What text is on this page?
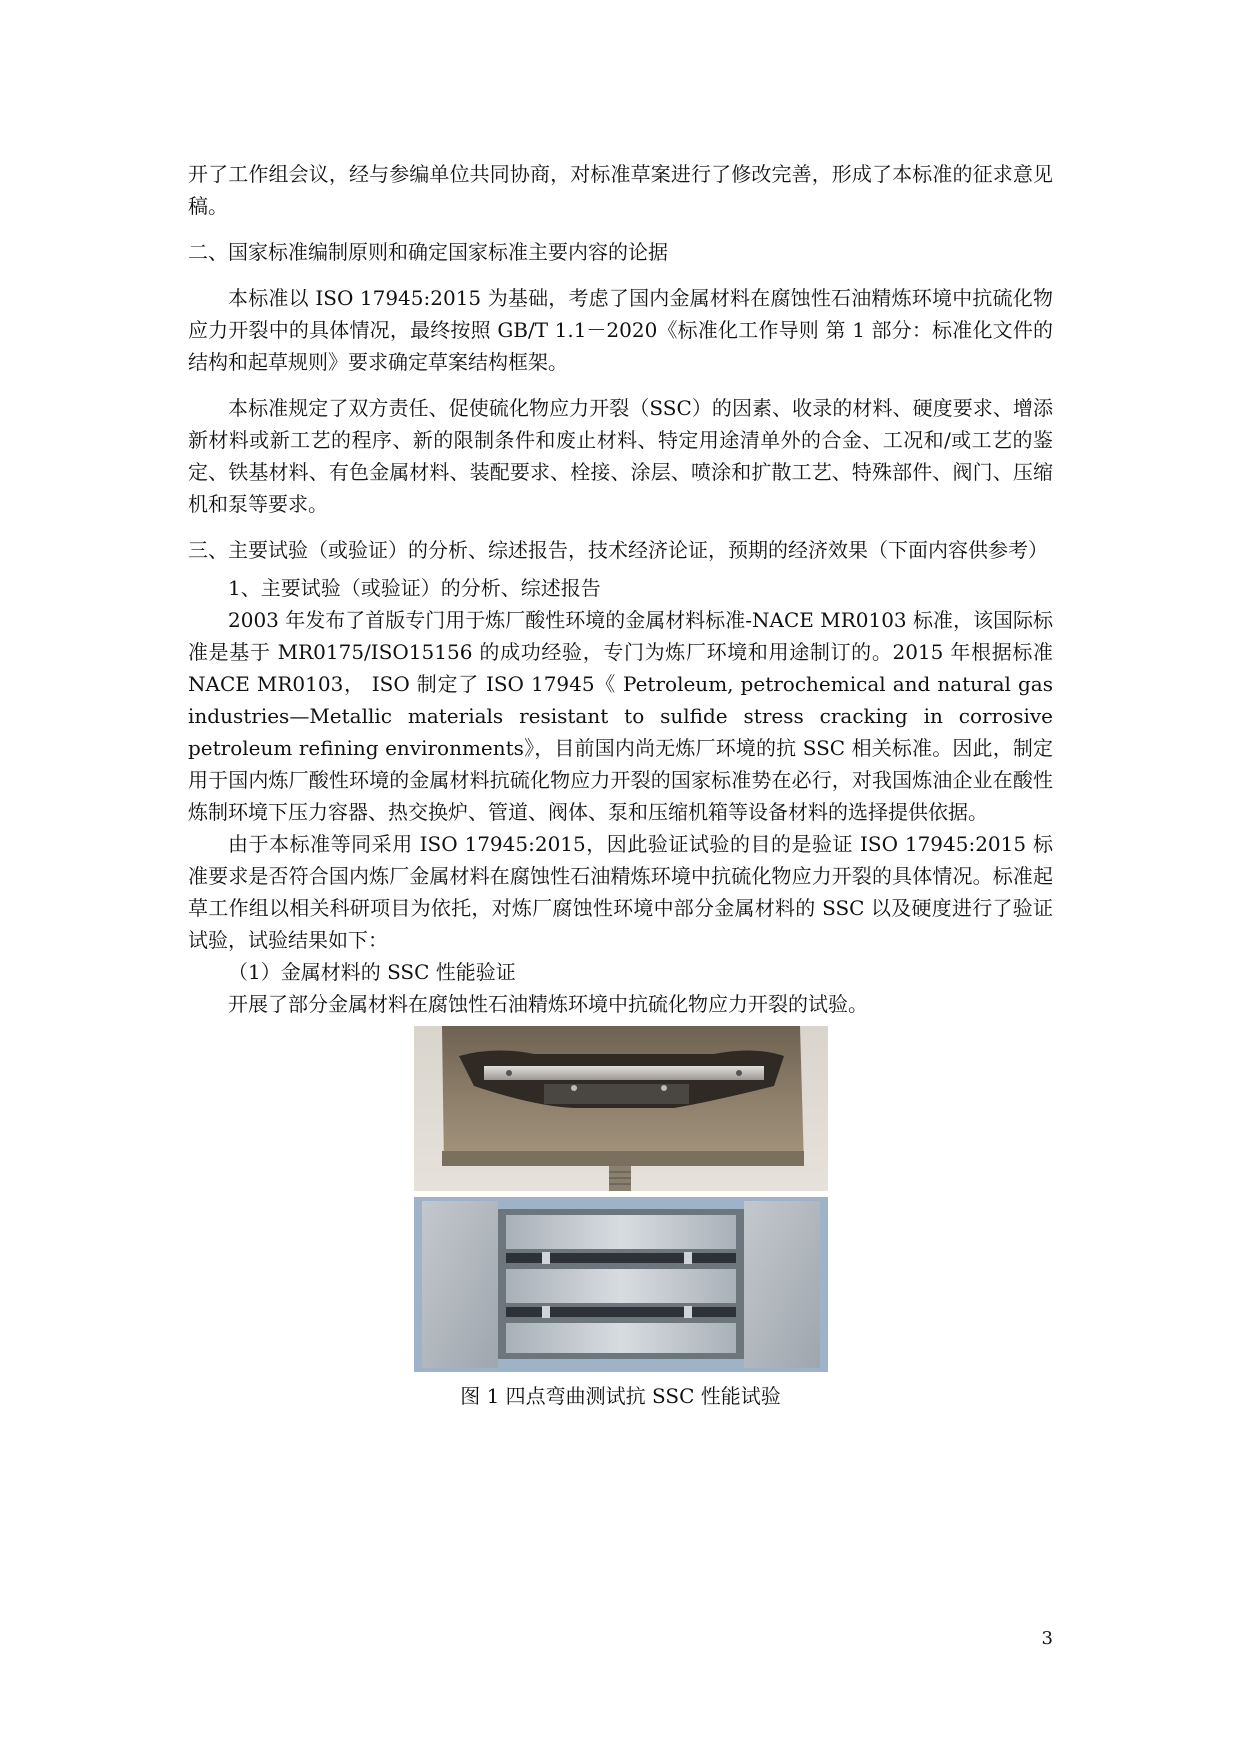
开了工作组会议，经与参编单位共同协商，对标准草案进行了修改完善，形成了本标准的征求意见稿。

二、国家标准编制原则和确定国家标准主要内容的论据

本标准以 ISO 17945:2015 为基础，考虑了国内金属材料在腐蚀性石油精炼环境中抗硫化物应力开裂中的具体情况，最终按照 GB/T 1.1－2020《标准化工作导则 第 1 部分：标准化文件的结构和起草规则》要求确定草案结构框架。

本标准规定了双方责任、促使硫化物应力开裂（SSC）的因素、收录的材料、硬度要求、增添新材料或新工艺的程序、新的限制条件和废止材料、特定用途清单外的合金、工况和/或工艺的鉴定、铁基材料、有色金属材料、装配要求、栓接、涂层、喷涂和扩散工艺、特殊部件、阀门、压缩机和泵等要求。

三、主要试验（或验证）的分析、综述报告，技术经济论证，预期的经济效果（下面内容供参考）

1、主要试验（或验证）的分析、综述报告

2003 年发布了首版专门用于炼厂酸性环境的金属材料标准-NACE MR0103 标准，该国际标准是基于 MR0175/ISO15156 的成功经验，专门为炼厂环境和用途制订的。2015 年根据标准 NACE MR0103， ISO 制定了 ISO 17945《 Petroleum, petrochemical and natural gas industries—Metallic materials resistant to sulfide stress cracking in corrosive petroleum refining environments》，目前国内尚无炼厂环境的抗 SSC 相关标准。因此，制定用于国内炼厂酸性环境的金属材料抗硫化物应力开裂的国家标准势在必行，对我国炼油企业在酸性炼制环境下压力容器、热交换炉、管道、阀体、泵和压缩机箱等设备材料的选择提供依据。

由于本标准等同采用 ISO 17945:2015，因此验证试验的目的是验证 ISO 17945:2015 标准要求是否符合国内炼厂金属材料在腐蚀性石油精炼环境中抗硫化物应力开裂的具体情况。标准起草工作组以相关科研项目为依托，对炼厂腐蚀性环境中部分金属材料的 SSC 以及硬度进行了验证试验，试验结果如下：

（1）金属材料的 SSC 性能验证

开展了部分金属材料在腐蚀性石油精炼环境中抗硫化物应力开裂的试验。

图 1 四点弯曲测试抗 SSC 性能试验
3
